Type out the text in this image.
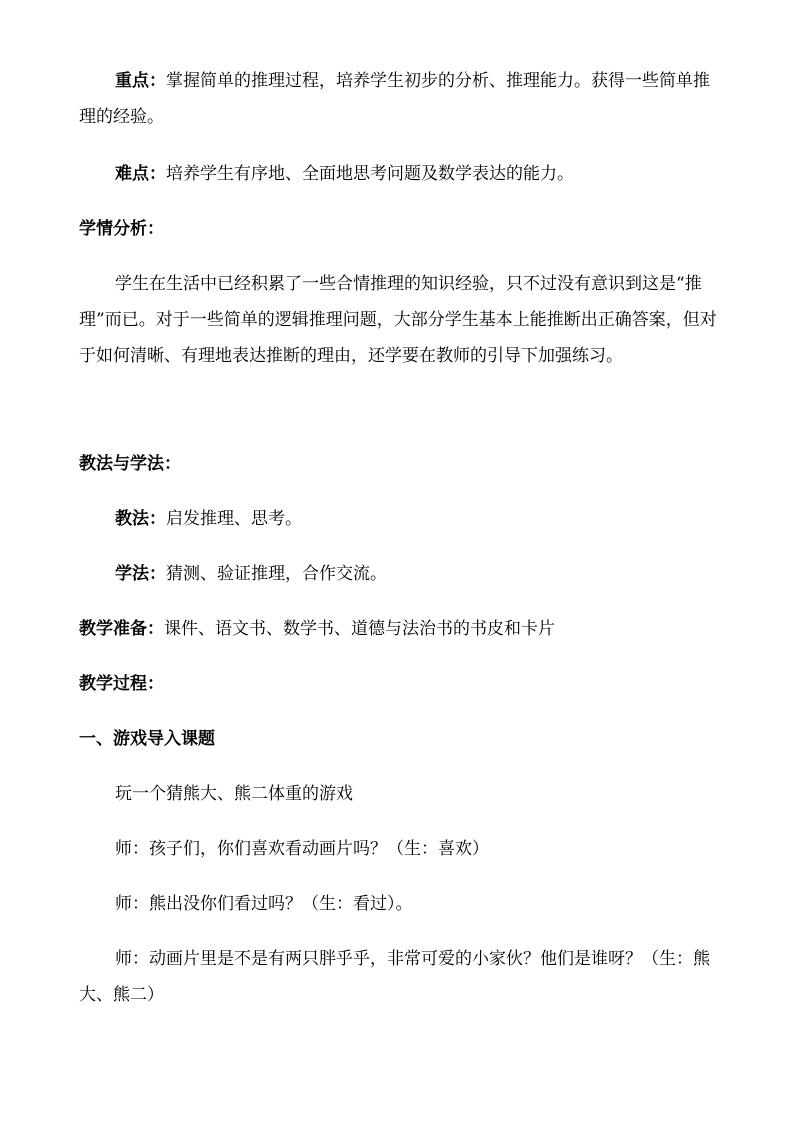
重点：掌握简单的推理过程，培养学生初步的分析、推理能力。获得一些简单推理的经验。

难点：培养学生有序地、全面地思考问题及数学表达的能力。

学情分析：

学生在生活中已经积累了一些合情推理的知识经验，只不过没有意识到这是“推理”而已。对于一些简单的逻辑推理问题，大部分学生基本上能推断出正确答案，但对于如何清晰、有理地表达推断的理由，还学要在教师的引导下加强练习。

教法与学法：

教法：启发推理、思考。

学法：猜测、验证推理，合作交流。

教学准备：课件、语文书、数学书、道德与法治书的书皮和卡片

教学过程：

一、游戏导入课题

玩一个猜熊大、熊二体重的游戏

师：孩子们，你们喜欢看动画片吗？（生：喜欢）

师：熊出没你们看过吗？（生：看过）。

师：动画片里是不是有两只胖乎乎，非常可爱的小家伙？他们是谁呀？（生：熊大、熊二）
